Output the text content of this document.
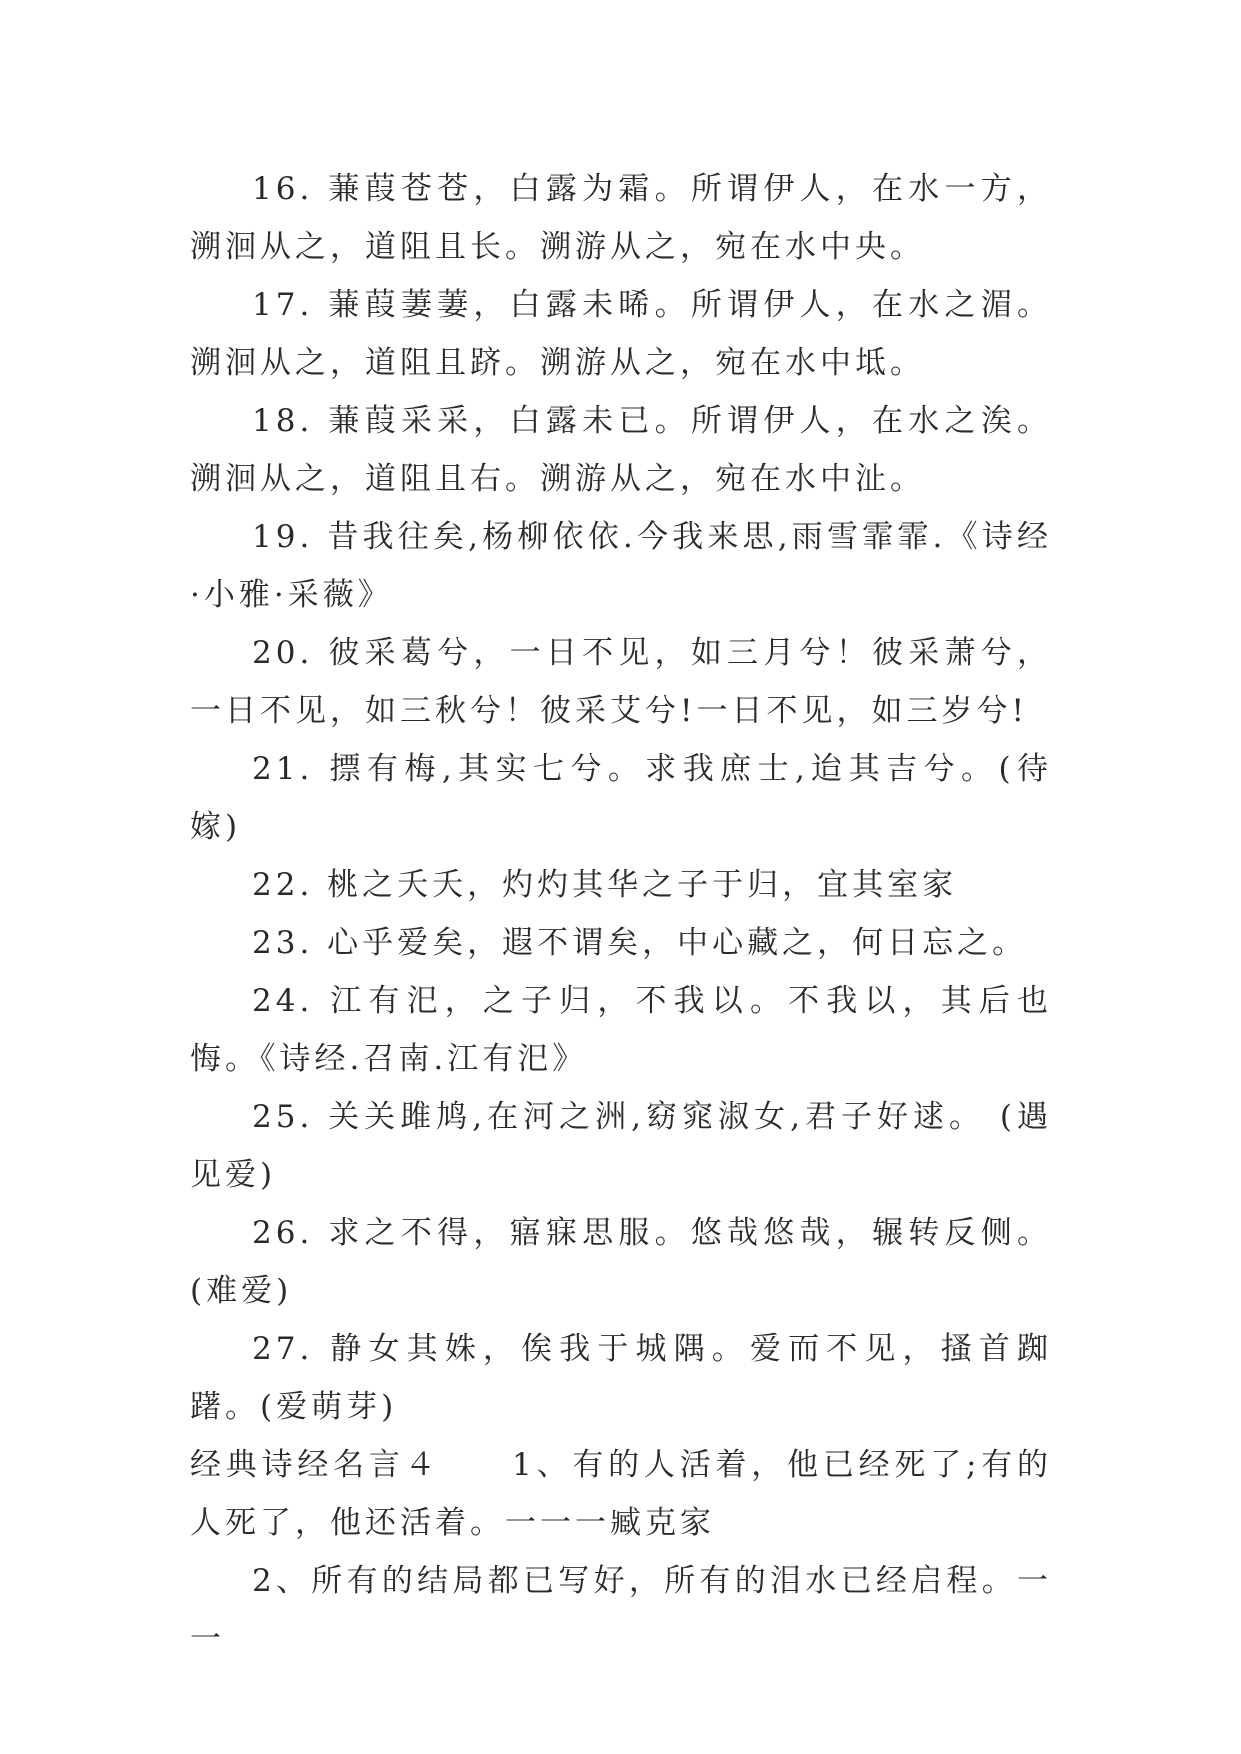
16. 蒹葭苍苍，白露为霜。所谓伊人，在水一方，溯洄从之，道阻且长。溯游从之，宛在水中央。

17. 蒹葭萋萋，白露未晞。所谓伊人，在水之湄。溯洄从之，道阻且跻。溯游从之，宛在水中坻。

18. 蒹葭采采，白露未已。所谓伊人，在水之涘。溯洄从之，道阻且右。溯游从之，宛在水中沚。

19. 昔我往矣,杨柳依依.今我来思,雨雪霏霏.《诗经·小雅·采薇》

20. 彼采葛兮，一日不见，如三月兮！彼采萧兮，一日不见，如三秋兮！彼采艾兮!一日不见，如三岁兮!

21. 摽有梅,其实七兮。求我庶士,迨其吉兮。(待嫁)

22. 桃之夭夭，灼灼其华之子于归，宜其室家

23. 心乎爱矣，遐不谓矣，中心藏之，何日忘之。

24. 江有汜，之子归，不我以。不我以，其后也悔。《诗经.召南.江有汜》

25. 关关雎鸠,在河之洲,窈窕淑女,君子好逑。 (遇见爱)

26. 求之不得，寤寐思服。悠哉悠哉，辗转反侧。(难爱)

27. 静女其姝，俟我于城隅。爱而不见，搔首踟躇。(爱萌芽)

经典诗经名言４　　1、有的人活着，他已经死了;有的人死了，他还活着。一一一臧克家

2、所有的结局都已写好，所有的泪水已经启程。一一
